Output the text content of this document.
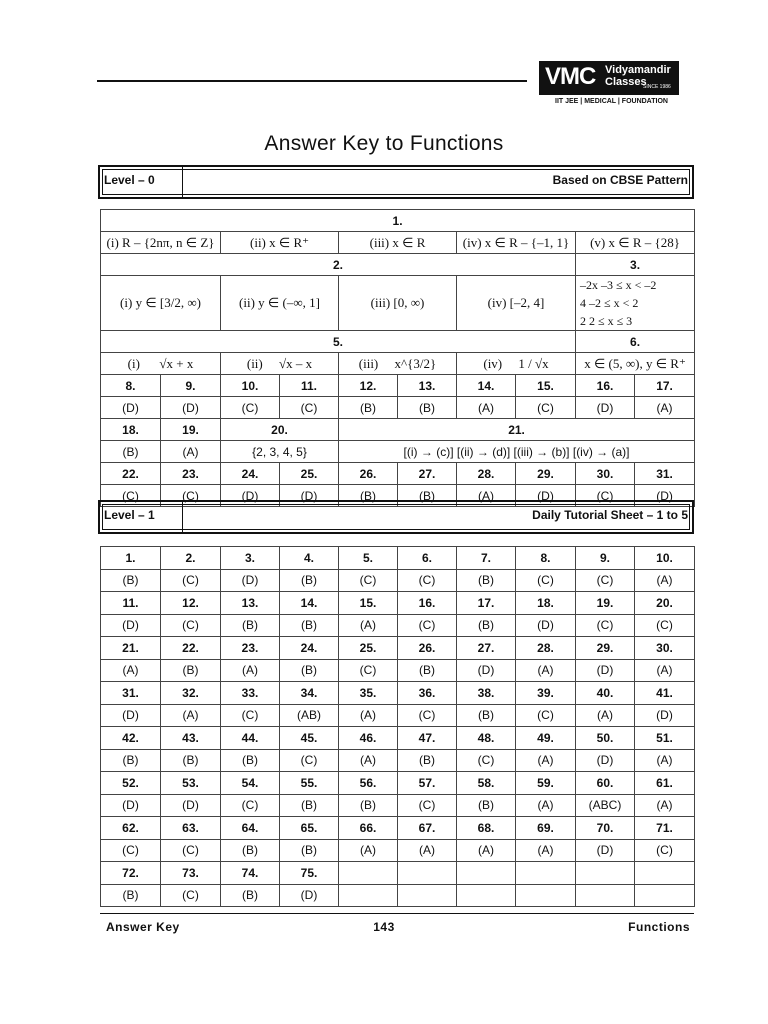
VMC Vidyamandir
Classes
SINCE 1986
IIT JEE | MEDICAL | FOUNDATION
Answer Key to Functions
Level – 0	Based on CBSE Pattern
1.									
(i) R – {2nπ, n ∈ Z}		(ii) x ∈ R⁺		(iii) x ∈ R		(iv) x ∈ R – {–1, 1}		(v) x ∈ R – {28}	
2.								3.	
(i) y ∈ [3/2, ∞)		(ii) y ∈ (–∞, 1]		(iii) [0, ∞)		(iv) [–2, 4]		–2x –3 ≤ x < –2
4 –2 ≤ x < 2
2 2 ≤ x ≤ 3	

5.								6.	
(i) √x + x		(ii) √x – x		(iii) x^{3/2}		(iv) 1 / √x		x ∈ (5, ∞), y ∈ R⁺	
8.	9.	10.	11.	12.	13.	14.	15.	16.	17.
(D)	(D)	(C)	(C)	(B)	(B)	(A)	(C)	(D)	(A)
18.	19.	20.		21.					
(B)	(A)	{2, 3, 4, 5}		[(i) → (c)] [(ii) → (d)] [(iii) → (b)] [(iv) → (a)]					
22.	23.	24.	25.	26.	27.	28.	29.	30.	31.
(C)	(C)	(D)	(D)	(B)	(B)	(A)	(D)	(C)	(D)
Level – 1	Daily Tutorial Sheet – 1 to 5
1.	2.	3.	4.	5.	6.	7.	8.	9.	10.
(B)	(C)	(D)	(B)	(C)	(C)	(B)	(C)	(C)	(A)
11.	12.	13.	14.	15.	16.	17.	18.	19.	20.
(D)	(C)	(B)	(B)	(A)	(C)	(B)	(D)	(C)	(C)
21.	22.	23.	24.	25.	26.	27.	28.	29.	30.
(A)	(B)	(A)	(B)	(C)	(B)	(D)	(A)	(D)	(A)
31.	32.	33.	34.	35.	36.	38.	39.	40.	41.
(D)	(A)	(C)	(AB)	(A)	(C)	(B)	(C)	(A)	(D)
42.	43.	44.	45.	46.	47.	48.	49.	50.	51.
(B)	(B)	(B)	(C)	(A)	(B)	(C)	(A)	(D)	(A)
52.	53.	54.	55.	56.	57.	58.	59.	60.	61.
(D)	(D)	(C)	(B)	(B)	(C)	(B)	(A)	(ABC)	(A)
62.	63.	64.	65.	66.	67.	68.	69.	70.	71.
(C)	(C)	(B)	(B)	(A)	(A)	(A)	(A)	(D)	(C)
72.	73.	74.	75.						
(B)	(C)	(B)	(D)						
Answer Key	143	Functions
